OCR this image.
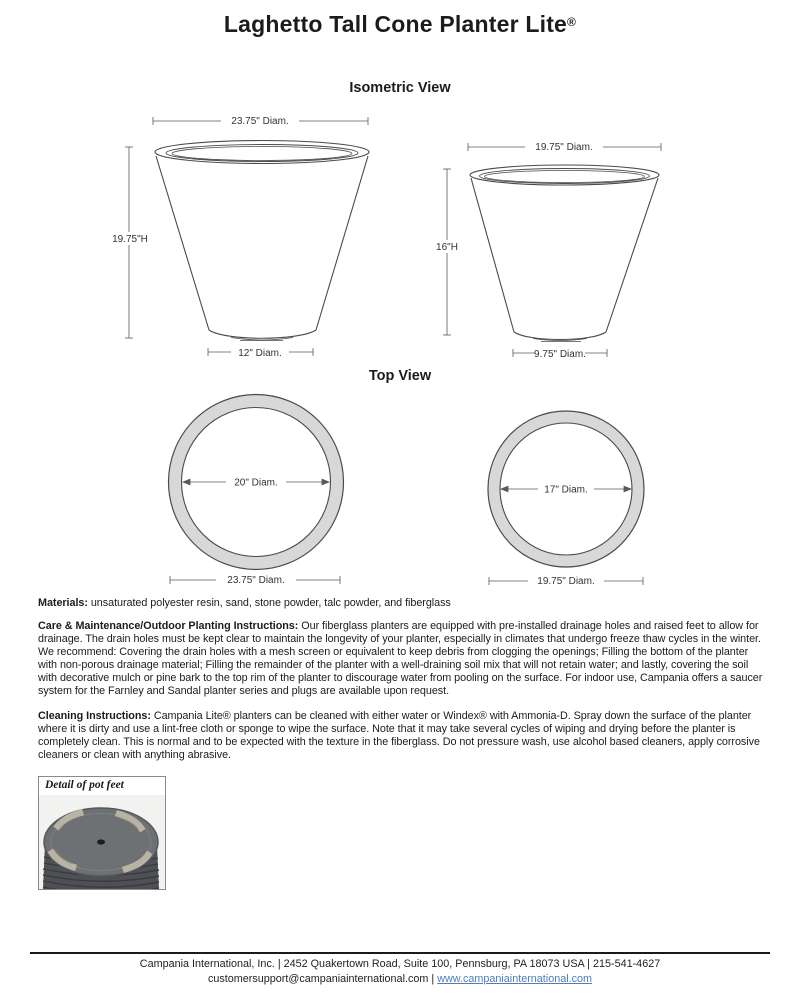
Laghetto Tall Cone Planter Lite®
Isometric View
23.75" Diam.
19.75"H
12" Diam.
19.75" Diam.
16"H
9.75" Diam.
Top View
20" Diam.
23.75" Diam.
17" Diam.
19.75" Diam.
Materials: unsaturated polyester resin, sand, stone powder, talc powder, and fiberglass
Care & Maintenance/Outdoor Planting Instructions: Our fiberglass planters are equipped with pre-installed drainage holes and raised feet to allow for drainage. The drain holes must be kept clear to maintain the longevity of your planter, especially in climates that undergo freeze thaw cycles in the winter. We recommend: Covering the drain holes with a mesh screen or equivalent to keep debris from clogging the openings; Filling the bottom of the planter with non-porous drainage material; Filling the remainder of the planter with a well-draining soil mix that will not retain water; and lastly, covering the soil with decorative mulch or pine bark to the top rim of the planter to discourage water from pooling on the surface. For indoor use, Campania offers a saucer system for the Farnley and Sandal planter series and plugs are available upon request.
Cleaning Instructions: Campania Lite® planters can be cleaned with either water or Windex® with Ammonia-D. Spray down the surface of the planter where it is dirty and use a lint-free cloth or sponge to wipe the surface. Note that it may take several cycles of wiping and drying before the planter is completely clean. This is normal and to be expected with the texture in the fiberglass. Do not pressure wash, use alcohol based cleaners, apply corrosive cleaners or clean with anything abrasive.
Detail of pot feet
Campania International, Inc. | 2452 Quakertown Road, Suite 100, Pennsburg, PA 18073 USA | 215-541-4627
customersupport@campaniainternational.com | www.campaniainternational.com
